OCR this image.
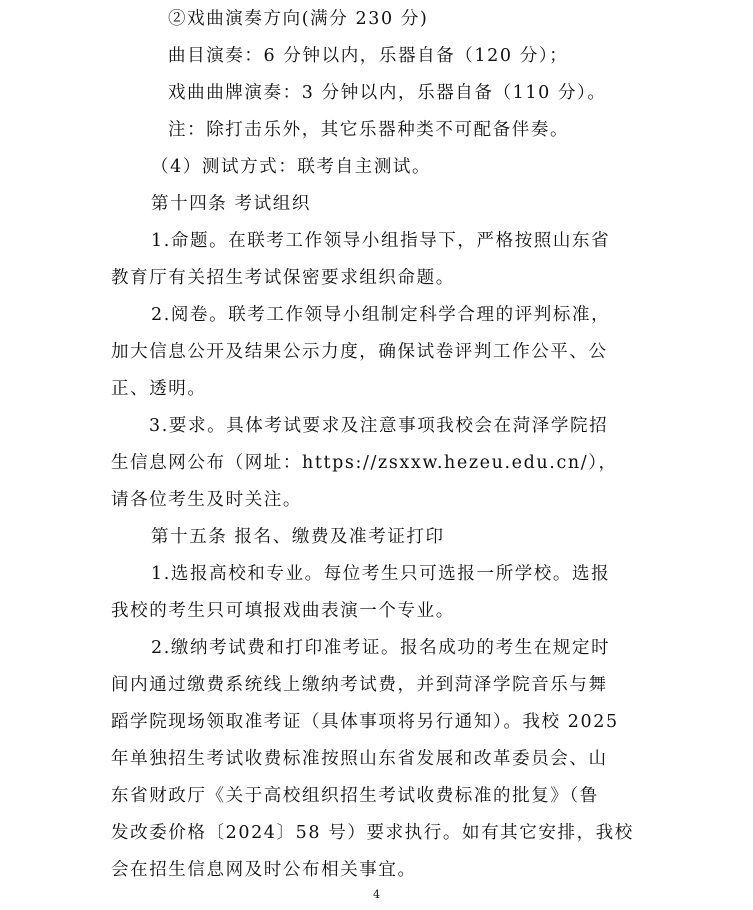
②戏曲演奏方向(满分 230 分)
曲目演奏：6 分钟以内，乐器自备（120 分）；
戏曲曲牌演奏：3 分钟以内，乐器自备（110 分）。
注：除打击乐外，其它乐器种类不可配备伴奏。
（4）测试方式：联考自主测试。
第十四条 考试组织
1.命题。在联考工作领导小组指导下，严格按照山东省
教育厅有关招生考试保密要求组织命题。
2.阅卷。联考工作领导小组制定科学合理的评判标准，
加大信息公开及结果公示力度，确保试卷评判工作公平、公
正、透明。
3.要求。具体考试要求及注意事项我校会在菏泽学院招
生信息网公布（网址：https://zsxxw.hezeu.edu.cn/），
请各位考生及时关注。
第十五条 报名、缴费及准考证打印
1.选报高校和专业。每位考生只可选报一所学校。选报
我校的考生只可填报戏曲表演一个专业。
2.缴纳考试费和打印准考证。报名成功的考生在规定时
间内通过缴费系统线上缴纳考试费，并到菏泽学院音乐与舞
蹈学院现场领取准考证（具体事项将另行通知）。我校 2025
年单独招生考试收费标准按照山东省发展和改革委员会、山
东省财政厅《关于高校组织招生考试收费标准的批复》（鲁
发改委价格〔2024〕58 号）要求执行。如有其它安排，我校
会在招生信息网及时公布相关事宜。
4
